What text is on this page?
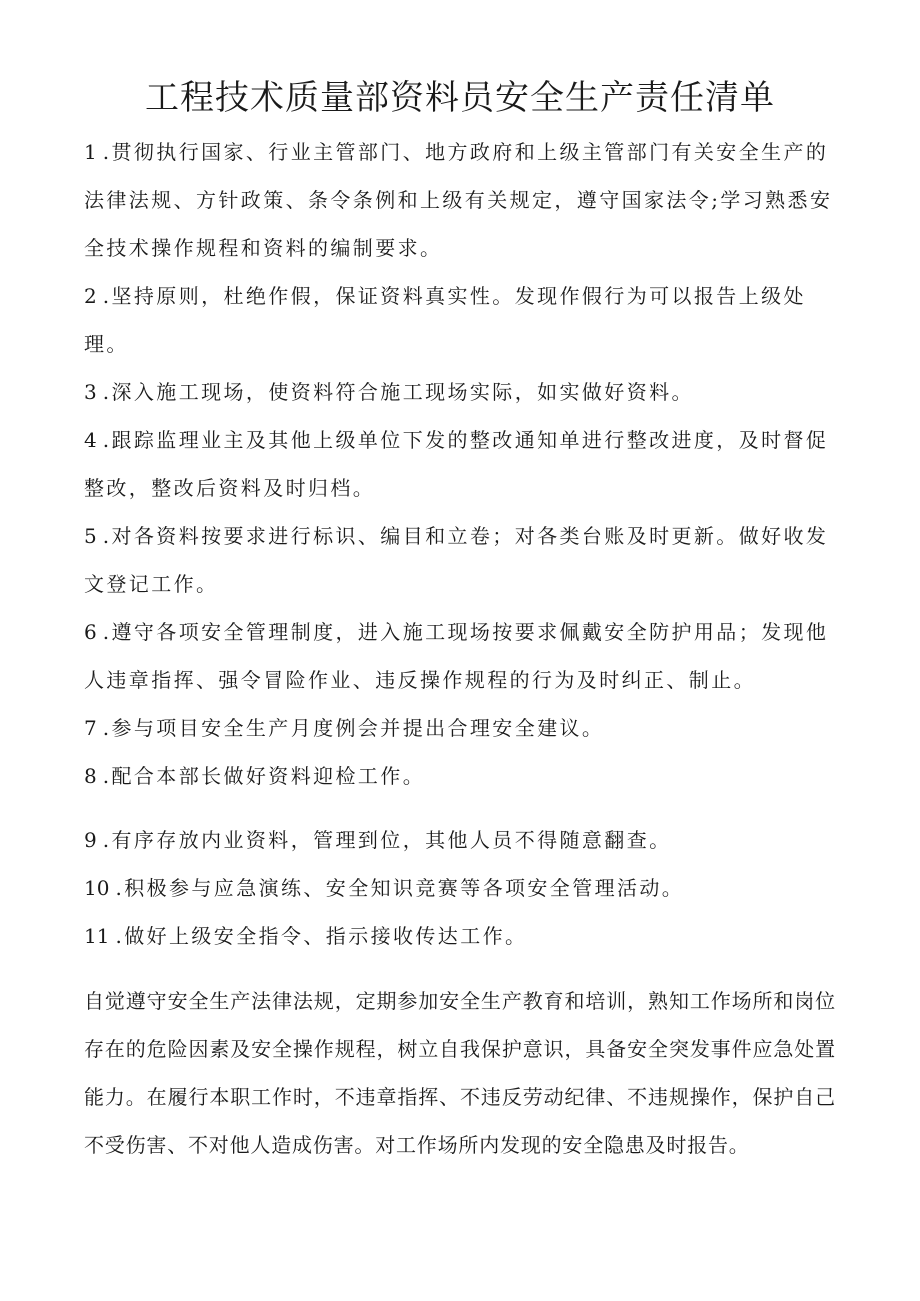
工程技术质量部资料员安全生产责任清单
1 .贯彻执行国家、行业主管部门、地方政府和上级主管部门有关安全生产的法律法规、方针政策、条令条例和上级有关规定，遵守国家法令;学习熟悉安全技术操作规程和资料的编制要求。
2 .坚持原则，杜绝作假，保证资料真实性。发现作假行为可以报告上级处理。
3 .深入施工现场，使资料符合施工现场实际，如实做好资料。
4 .跟踪监理业主及其他上级单位下发的整改通知单进行整改进度，及时督促整改，整改后资料及时归档。
5 .对各资料按要求进行标识、编目和立卷；对各类台账及时更新。做好收发文登记工作。
6 .遵守各项安全管理制度，进入施工现场按要求佩戴安全防护用品；发现他人违章指挥、强令冒险作业、违反操作规程的行为及时纠正、制止。
7 .参与项目安全生产月度例会并提出合理安全建议。
8 .配合本部长做好资料迎检工作。
9 .有序存放内业资料，管理到位，其他人员不得随意翻查。
10 .积极参与应急演练、安全知识竞赛等各项安全管理活动。
11 .做好上级安全指令、指示接收传达工作。

自觉遵守安全生产法律法规，定期参加安全生产教育和培训，熟知工作场所和岗位存在的危险因素及安全操作规程，树立自我保护意识，具备安全突发事件应急处置能力。在履行本职工作时，不违章指挥、不违反劳动纪律、不违规操作，保护自己不受伤害、不对他人造成伤害。对工作场所内发现的安全隐患及时报告。
